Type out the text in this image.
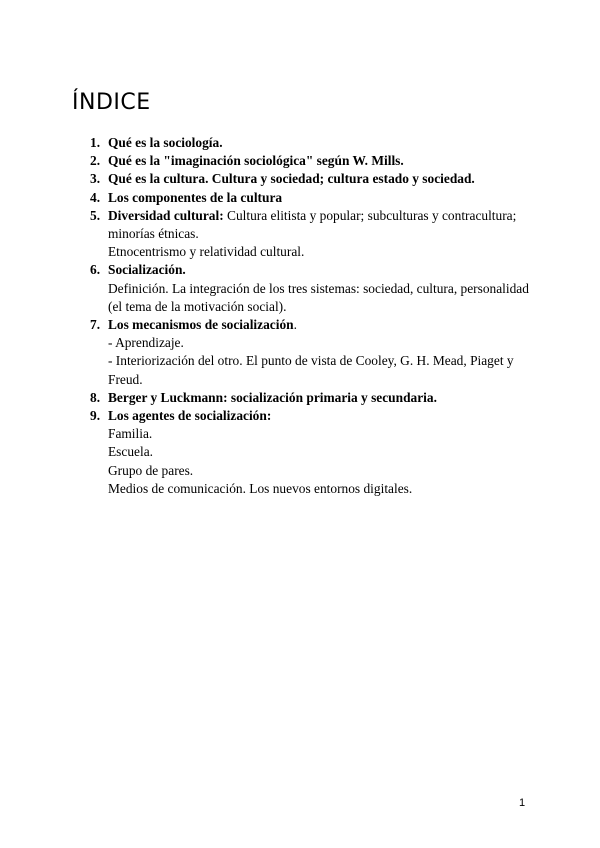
ÍNDICE
1. Qué es la sociología.
2. Qué es la "imaginación sociológica" según W. Mills.
3. Qué es la cultura. Cultura y sociedad; cultura estado y sociedad.
4. Los componentes de la cultura
5. Diversidad cultural: Cultura elitista y popular; subculturas y contracultura; minorías étnicas.
Etnocentrismo y relatividad cultural.
6. Socialización.
Definición. La integración de los tres sistemas: sociedad, cultura, personalidad (el tema de la motivación social).
7. Los mecanismos de socialización.
- Aprendizaje.
- Interiorización del otro. El punto de vista de Cooley, G. H. Mead, Piaget y Freud.
8. Berger y Luckmann: socialización primaria y secundaria.
9. Los agentes de socialización:
Familia.
Escuela.
Grupo de pares.
Medios de comunicación. Los nuevos entornos digitales.
1
